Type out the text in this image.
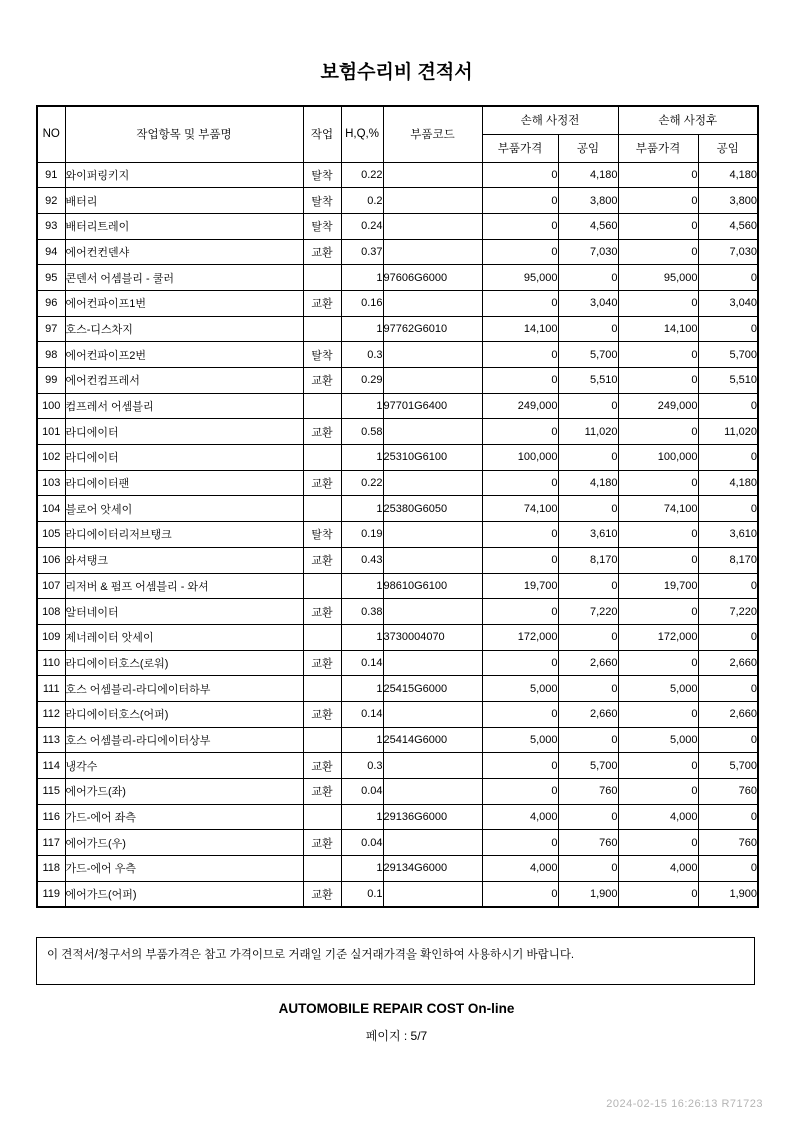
보험수리비 견적서
NO	작업항목 및 부품명	작업	H,Q,%	부품코드	손해 사정전		손해 사정후	
					부품가격	공임	부품가격	공임
91	와이퍼링키지	탈착	0.22		0	4,180	0	4,180
92	배터리	탈착	0.2		0	3,800	0	3,800
93	배터리트레이	탈착	0.24		0	4,560	0	4,560
94	에어컨컨덴샤	교환	0.37		0	7,030	0	7,030
95	콘덴서 어셈블리 - 쿨러		1	97606G6000	95,000	0	95,000	0
96	에어컨파이프1번	교환	0.16		0	3,040	0	3,040
97	호스-디스차지		1	97762G6010	14,100	0	14,100	0
98	에어컨파이프2번	탈착	0.3		0	5,700	0	5,700
99	에어컨컴프레서	교환	0.29		0	5,510	0	5,510
100	컴프레서 어셈블리		1	97701G6400	249,000	0	249,000	0
101	라디에이터	교환	0.58		0	11,020	0	11,020
102	라디에이터		1	25310G6100	100,000	0	100,000	0
103	라디에이터팬	교환	0.22		0	4,180	0	4,180
104	블로어 앗세이		1	25380G6050	74,100	0	74,100	0
105	라디에이터리저브탱크	탈착	0.19		0	3,610	0	3,610
106	와셔탱크	교환	0.43		0	8,170	0	8,170
107	리저버 & 펌프 어셈블리 - 와셔		1	98610G6100	19,700	0	19,700	0
108	알터네이터	교환	0.38		0	7,220	0	7,220
109	제너레이터 앗세이		1	3730004070	172,000	0	172,000	0
110	라디에이터호스(로워)	교환	0.14		0	2,660	0	2,660
111	호스 어셈블리-라디에이터하부		1	25415G6000	5,000	0	5,000	0
112	라디에이터호스(어퍼)	교환	0.14		0	2,660	0	2,660
113	호스 어셈블리-라디에이터상부		1	25414G6000	5,000	0	5,000	0
114	냉각수	교환	0.3		0	5,700	0	5,700
115	에어가드(좌)	교환	0.04		0	760	0	760
116	가드-에어 좌측		1	29136G6000	4,000	0	4,000	0
117	에어가드(우)	교환	0.04		0	760	0	760
118	가드-에어 우측		1	29134G6000	4,000	0	4,000	0
119	에어가드(어퍼)	교환	0.1		0	1,900	0	1,900
이 견적서/청구서의 부품가격은 참고 가격이므로 거래일 기준 실거래가격을 확인하여 사용하시기 바랍니다.
AUTOMOBILE REPAIR COST On-line
페이지 : 5/7
2024-02-15 16:26:13 R71723
